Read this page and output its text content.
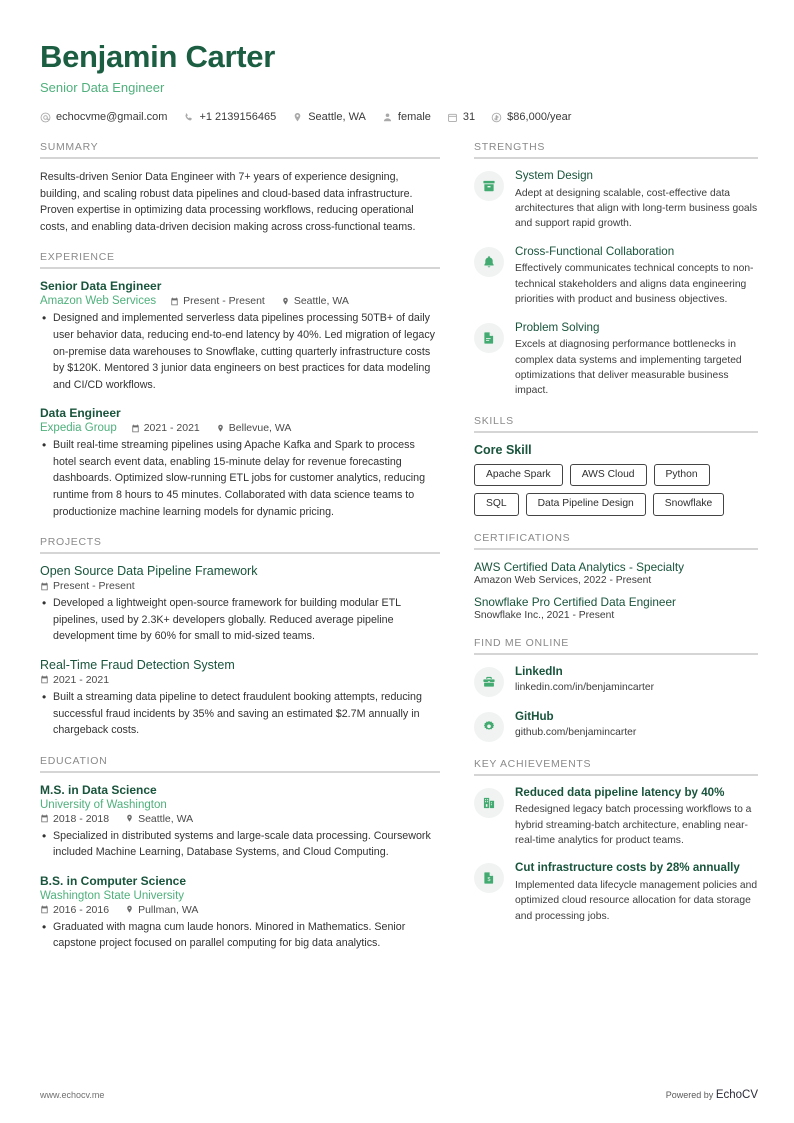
Benjamin Carter
Senior Data Engineer
echocvme@gmail.com	+1 2139156465	Seattle, WA	female	31	$86,000/year
SUMMARY
Results-driven Senior Data Engineer with 7+ years of experience designing, building, and scaling robust data pipelines and cloud-based data infrastructure. Proven expertise in optimizing data processing workflows, reducing operational costs, and enabling data-driven decision making across cross-functional teams.
EXPERIENCE
Senior Data Engineer
Amazon Web Services	Present - Present	Seattle, WA
• Designed and implemented serverless data pipelines processing 50TB+ of daily user behavior data, reducing end-to-end latency by 40%. Led migration of legacy on-premise data warehouses to Snowflake, cutting quarterly infrastructure costs by $120K. Mentored 3 junior data engineers on best practices for data modeling and CI/CD workflows.
Data Engineer
Expedia Group	2021 - 2021	Bellevue, WA
• Built real-time streaming pipelines using Apache Kafka and Spark to process hotel search event data, enabling 15-minute delay for revenue forecasting dashboards. Optimized slow-running ETL jobs for customer analytics, reducing runtime from 8 hours to 45 minutes. Collaborated with data science teams to productionize machine learning models for dynamic pricing.
PROJECTS
Open Source Data Pipeline Framework
Present - Present
• Developed a lightweight open-source framework for building modular ETL pipelines, used by 2.3K+ developers globally. Reduced average pipeline development time by 60% for small to mid-sized teams.
Real-Time Fraud Detection System
2021 - 2021
• Built a streaming data pipeline to detect fraudulent booking attempts, reducing successful fraud incidents by 35% and saving an estimated $2.7M annually in chargeback costs.
EDUCATION
M.S. in Data Science
University of Washington
2018 - 2018	Seattle, WA
• Specialized in distributed systems and large-scale data processing. Coursework included Machine Learning, Database Systems, and Cloud Computing.
B.S. in Computer Science
Washington State University
2016 - 2016	Pullman, WA
• Graduated with magna cum laude honors. Minored in Mathematics. Senior capstone project focused on parallel computing for big data analytics.
STRENGTHS
System Design
Adept at designing scalable, cost-effective data architectures that align with long-term business goals and support rapid growth.
Cross-Functional Collaboration
Effectively communicates technical concepts to non-technical stakeholders and aligns data engineering priorities with product and business objectives.
Problem Solving
Excels at diagnosing performance bottlenecks in complex data systems and implementing targeted optimizations that deliver measurable business impact.
SKILLS
Core Skill
Apache Spark	AWS Cloud	Python
SQL	Data Pipeline Design	Snowflake
CERTIFICATIONS
AWS Certified Data Analytics - Specialty
Amazon Web Services, 2022 - Present
Snowflake Pro Certified Data Engineer
Snowflake Inc., 2021 - Present
FIND ME ONLINE
LinkedIn
linkedin.com/in/benjamincarter
GitHub
github.com/benjamincarter
KEY ACHIEVEMENTS
Reduced data pipeline latency by 40%
Redesigned legacy batch processing workflows to a hybrid streaming-batch architecture, enabling near-real-time analytics for product teams.
$
Cut infrastructure costs by 28% annually
Implemented data lifecycle management policies and optimized cloud resource allocation for data storage and processing jobs.
www.echocv.me	Powered by EchoCV
